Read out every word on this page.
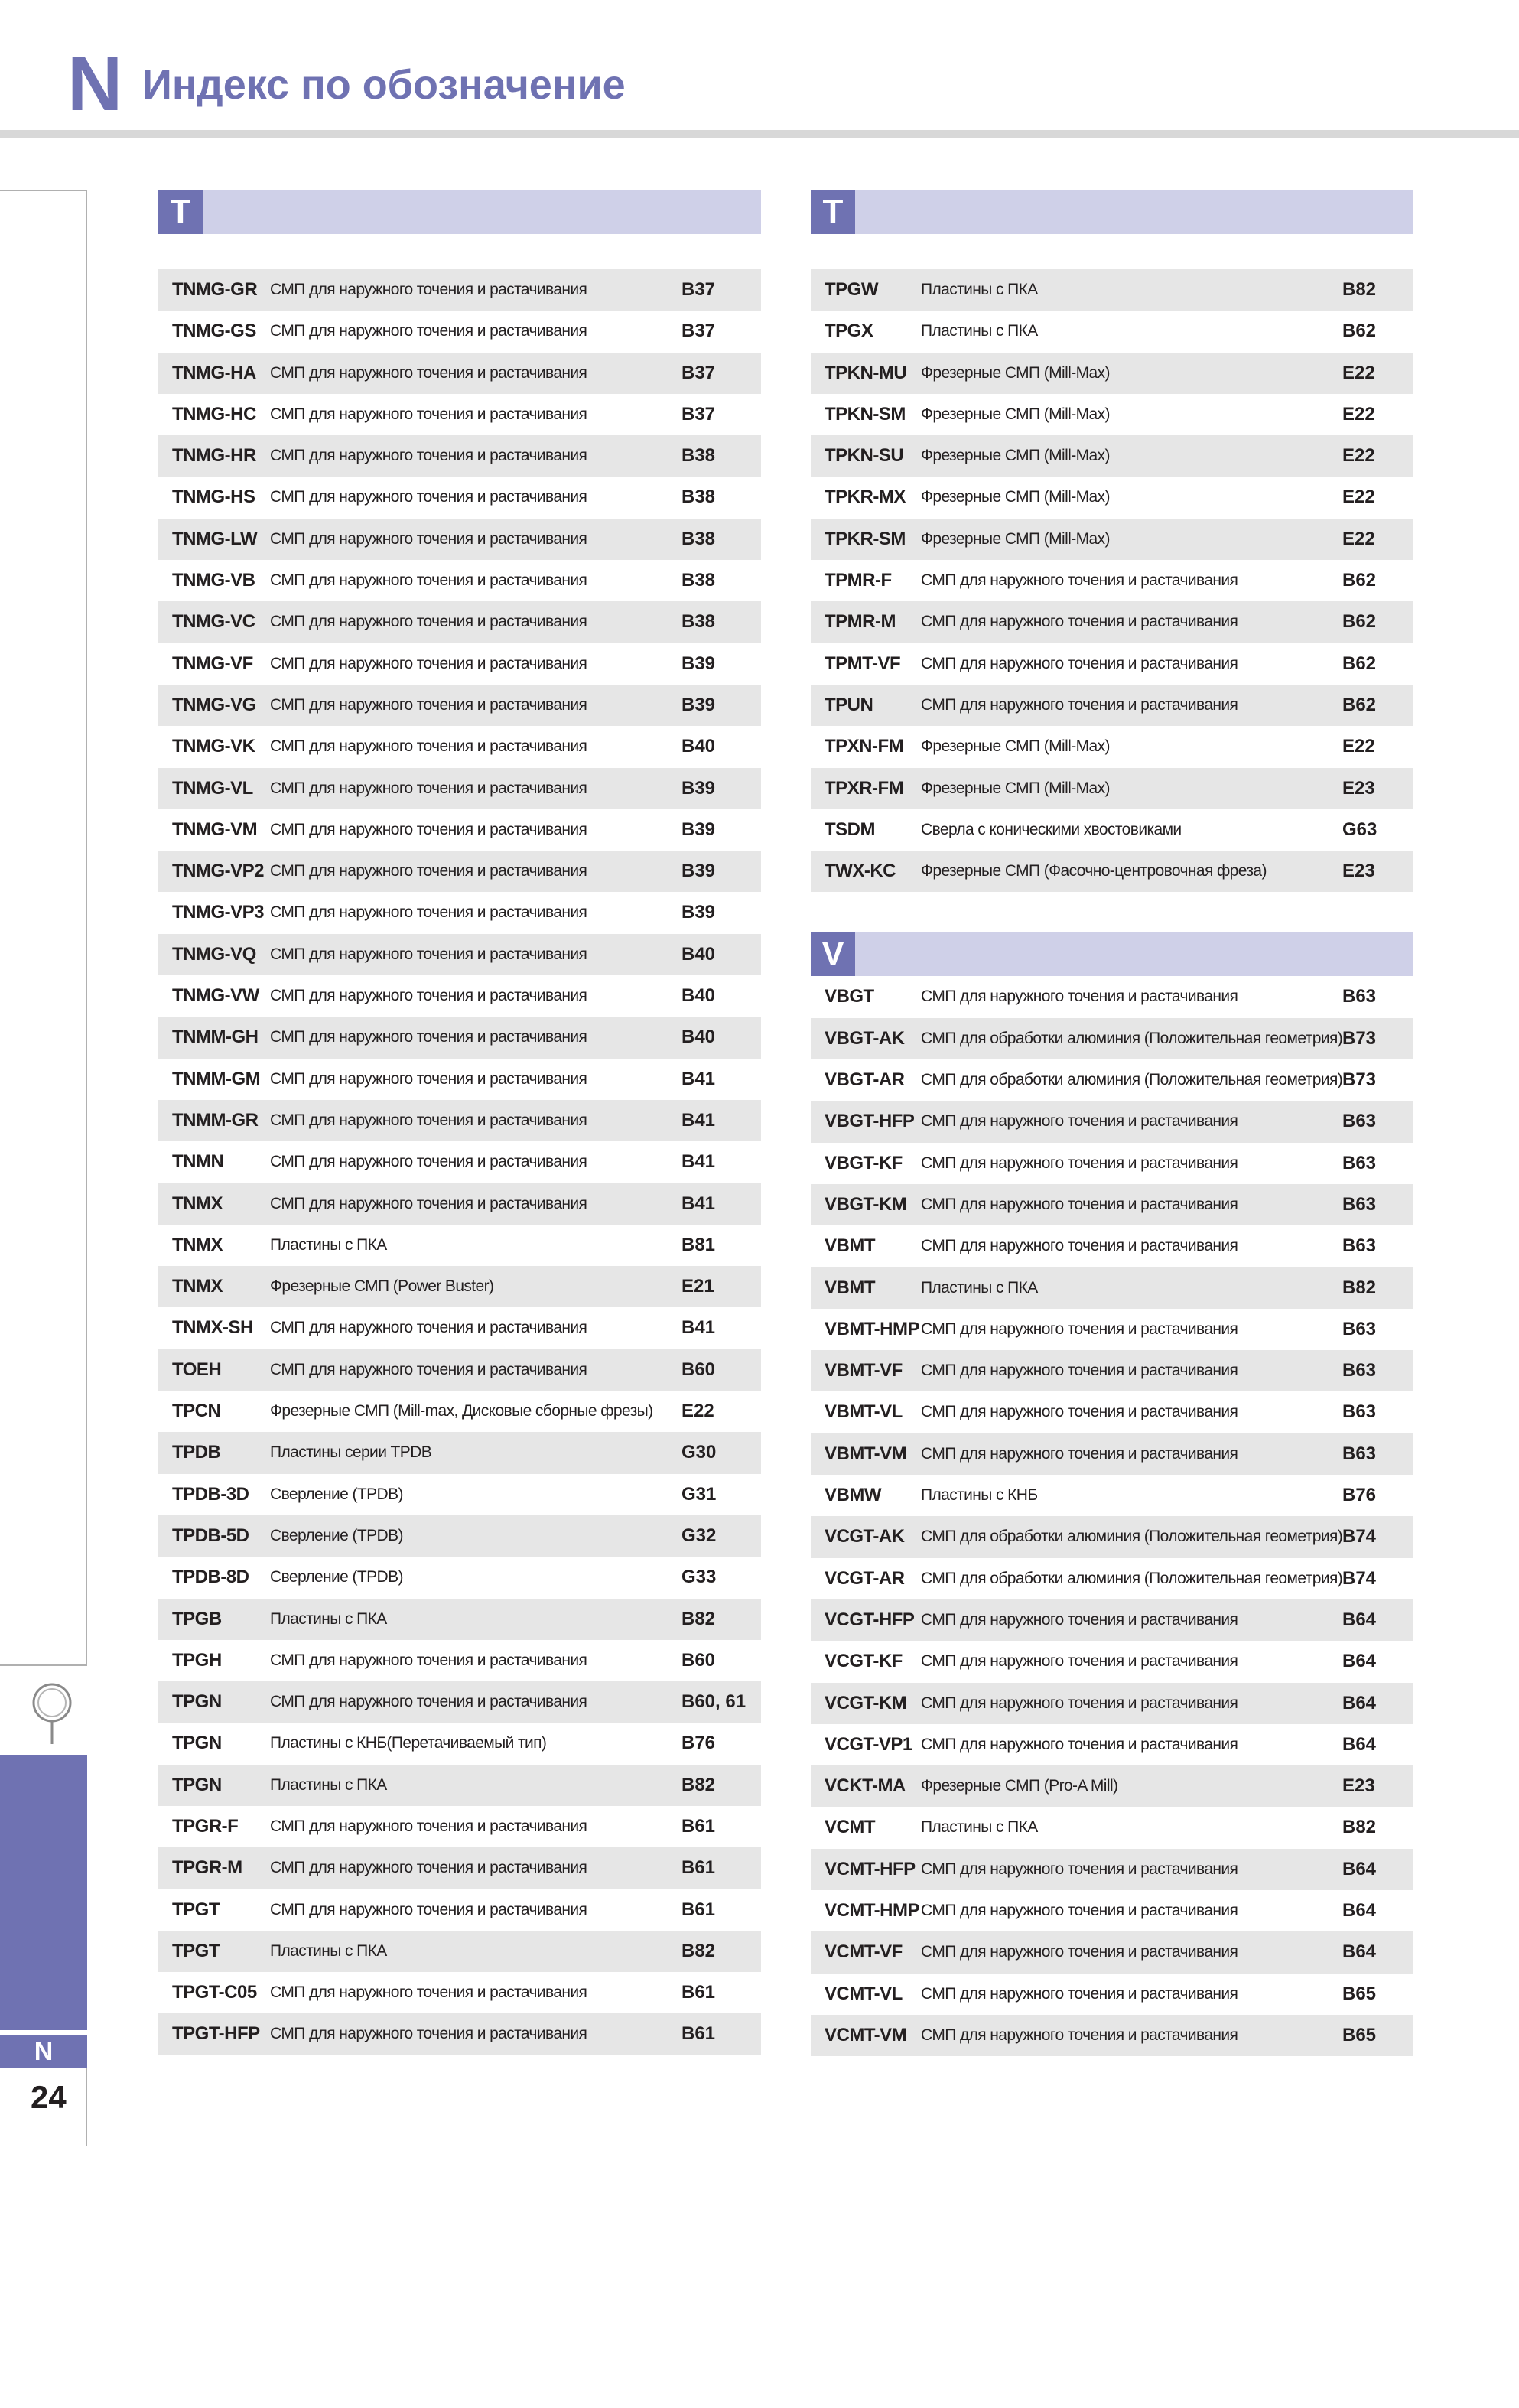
N Индекс по обозначение
Алфавитный указатель
N
24
T
TNMG-GR СМП для наружного точения и растачивания	B37
TNMG-GS СМП для наружного точения и растачивания	B37
TNMG-HA СМП для наружного точения и растачивания	B37
TNMG-HC СМП для наружного точения и растачивания	B37
TNMG-HR СМП для наружного точения и растачивания	B38
TNMG-HS СМП для наружного точения и растачивания	B38
TNMG-LW СМП для наружного точения и растачивания	B38
TNMG-VB СМП для наружного точения и растачивания	B38
TNMG-VC СМП для наружного точения и растачивания	B38
TNMG-VF СМП для наружного точения и растачивания	B39
TNMG-VG СМП для наружного точения и растачивания	B39
TNMG-VK СМП для наружного точения и растачивания	B40
TNMG-VL СМП для наружного точения и растачивания	B39
TNMG-VM СМП для наружного точения и растачивания	B39
TNMG-VP2 СМП для наружного точения и растачивания	B39
TNMG-VP3 СМП для наружного точения и растачивания	B39
TNMG-VQ СМП для наружного точения и растачивания	B40
TNMG-VW СМП для наружного точения и растачивания	B40
TNMM-GH СМП для наружного точения и растачивания	B40
TNMM-GM СМП для наружного точения и растачивания	B41
TNMM-GR СМП для наружного точения и растачивания	B41
TNMN	СМП для наружного точения и растачивания	B41
TNMX	СМП для наружного точения и растачивания	B41
TNMX	Пластины с ПКА	B81
TNMX	Фрезерные СМП (Power Buster)	E21
TNMX-SH СМП для наружного точения и растачивания	B41
TOEH	СМП для наружного точения и растачивания	B60
TPCN	Фрезерные СМП (Mill-max, Дисковые сборные фрезы) E22
TPDB	Пластины серии TPDB	G30
TPDB-3D Сверление (TPDB)	G31
TPDB-5D Сверление (TPDB)	G32
TPDB-8D Сверление (TPDB)	G33
TPGB	Пластины с ПКА	B82
TPGH	СМП для наружного точения и растачивания	B60
TPGN	СМП для наружного точения и растачивания	B60, 61
TPGN	Пластины с КНБ(Перетачиваемый тип)	B76
TPGN	Пластины с ПКА	B82
TPGR-F СМП для наружного точения и растачивания	B61
TPGR-M СМП для наружного точения и растачивания	B61
TPGT	СМП для наружного точения и растачивания	B61
TPGT	Пластины с ПКА	B82
TPGT-C05 СМП для наружного точения и растачивания	B61
TPGT-HFP СМП для наружного точения и растачивания	B61
T
TPGW	Пластины с ПКА	B82
TPGX	Пластины с ПКА	B62
TPKN-MU Фрезерные СМП (Mill-Max)	E22
TPKN-SM Фрезерные СМП (Mill-Max)	E22
TPKN-SU Фрезерные СМП (Mill-Max)	E22
TPKR-MX Фрезерные СМП (Mill-Max)	E22
TPKR-SM Фрезерные СМП (Mill-Max)	E22
TPMR-F СМП для наружного точения и растачивания	B62
TPMR-M СМП для наружного точения и растачивания	B62
TPMT-VF СМП для наружного точения и растачивания	B62
TPUN	СМП для наружного точения и растачивания	B62
TPXN-FM Фрезерные СМП (Mill-Max)	E22
TPXR-FM Фрезерные СМП (Mill-Max)	E23
TSDM	Сверла с коническими хвостовиками	G63
TWX-KC Фрезерные СМП (Фасочно-центровочная фреза)	E23
V
VBGT	СМП для наружного точения и растачивания	B63
VBGT-AK СМП для обработки алюминия (Положительная геометрия) B73
VBGT-AR СМП для обработки алюминия (Положительная геометрия) B73
VBGT-HFP СМП для наружного точения и растачивания	B63
VBGT-KF СМП для наружного точения и растачивания	B63
VBGT-KM СМП для наружного точения и растачивания	B63
VBMT	СМП для наружного точения и растачивания	B63
VBMT	Пластины с ПКА	B82
VBMT-HMP СМП для наружного точения и растачивания	B63
VBMT-VF СМП для наружного точения и растачивания	B63
VBMT-VL СМП для наружного точения и растачивания	B63
VBMT-VM СМП для наружного точения и растачивания	B63
VBMW Пластины с КНБ	B76
VCGT-AK СМП для обработки алюминия (Положительная геометрия) B74
VCGT-AR СМП для обработки алюминия (Положительная геометрия) B74
VCGT-HFP СМП для наружного точения и растачивания	B64
VCGT-KF СМП для наружного точения и растачивания	B64
VCGT-KM СМП для наружного точения и растачивания	B64
VCGT-VP1 СМП для наружного точения и растачивания	B64
VCKT-MA Фрезерные СМП (Pro-A Mill)	E23
VCMT	Пластины с ПКА	B82
VCMT-HFP СМП для наружного точения и растачивания	B64
VCMT-HMP СМП для наружного точения и растачивания	B64
VCMT-VF СМП для наружного точения и растачивания	B64
VCMT-VL СМП для наружного точения и растачивания	B65
VCMT-VM СМП для наружного точения и растачивания	B65
